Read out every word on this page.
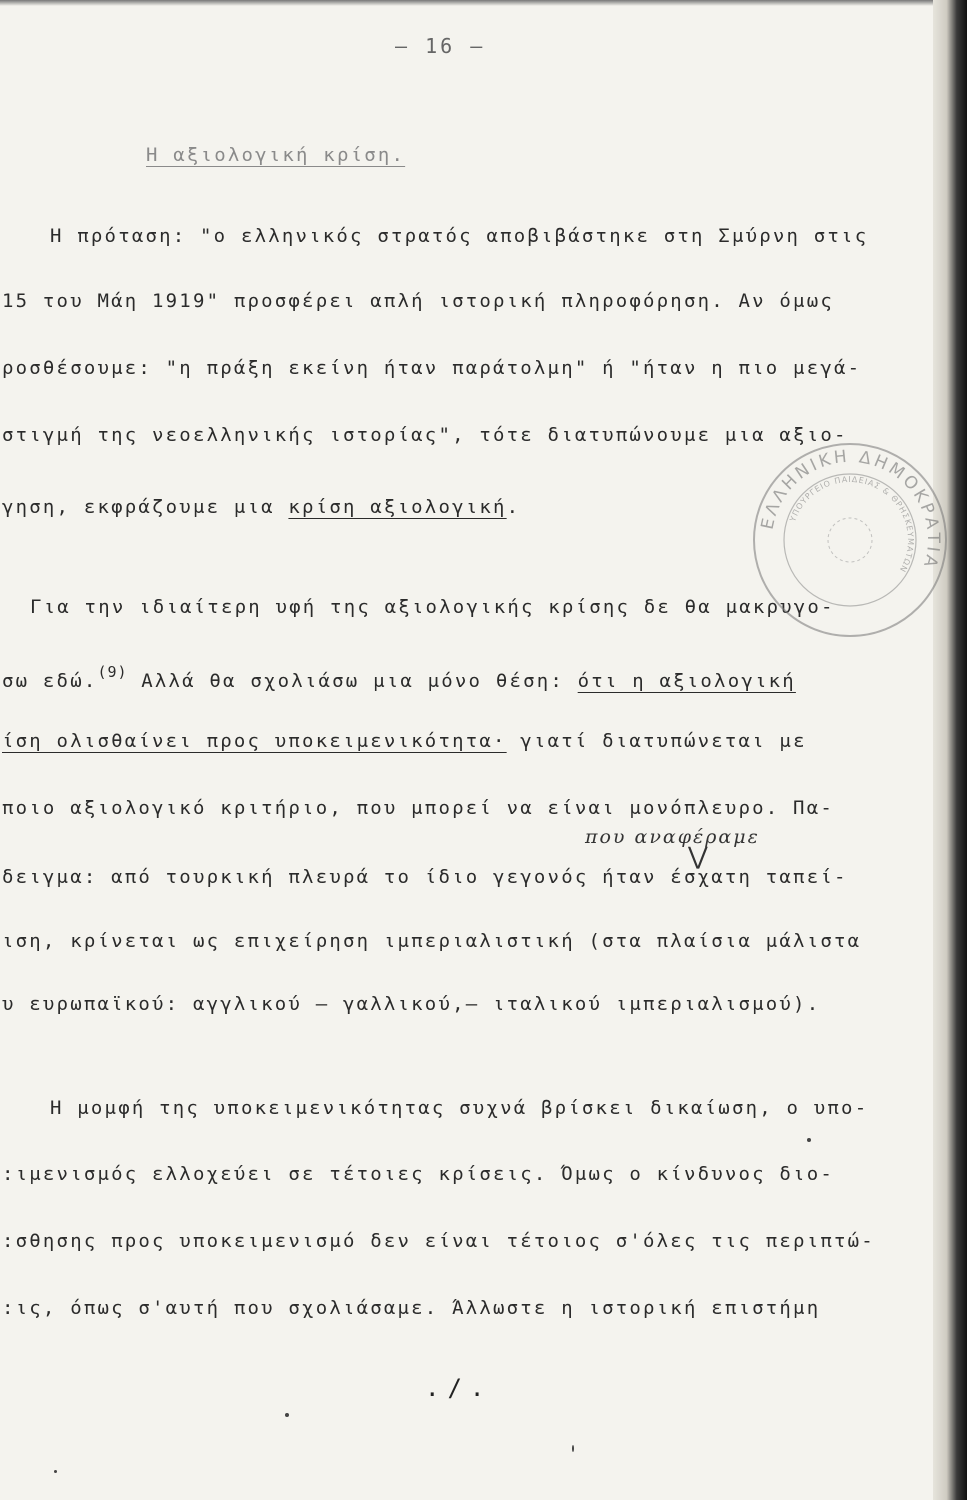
– 16 –
Η αξιολογική κρίση.
Η πρόταση: "ο ελληνικός στρατός αποβιβάστηκε στη Σμύρνη στις
15 του Μάη 1919" προσφέρει απλή ιστορική πληροφόρηση. Αν όμως
ροσθέσουμε: "η πράξη εκείνη ήταν παράτολμη" ή "ήταν η πιο μεγά-
στιγμή της νεοελληνικής ιστορίας", τότε διατυπώνουμε μια αξιο-
γηση, εκφράζουμε μια κρίση αξιολογική.
Για την ιδιαίτερη υφή της αξιολογικής κρίσης δε θα μακρυγο-
σω εδώ.$^{(9)}$ Αλλά θα σχολιάσω μια μόνο θέση: ότι η αξιολογική
ίση ολισθαίνει προς υποκειμενικότητα· γιατί διατυπώνεται με
ποιο αξιολογικό κριτήριο, που μπορεί να είναι μονόπλευρο. Πα-
που αναφέραμε
⋁
δειγμα: από τουρκική πλευρά το ίδιο γεγονός ήταν έσχατη ταπεί-
ιση, κρίνεται ως επιχείρηση ιμπεριαλιστική (στα πλαίσια μάλιστα
υ ευρωπαϊκού: αγγλικού — γαλλικού,— ιταλικού ιμπεριαλισμού).
Η μομφή της υποκειμενικότητας συχνά βρίσκει δικαίωση, ο υπο-
:ιμενισμός ελλοχεύει σε τέτοιες κρίσεις. Όμως ο κίνδυνος διο-
:σθησης προς υποκειμενισμό δεν είναι τέτοιος σ'όλες τις περιπτώ-
:ις, όπως σ'αυτή που σχολιάσαμε. Άλλωστε η ιστορική επιστήμη
./.
ΕΛΛΗΝΙΚΗ ΔΗΜΟΚΡΑΤΙΑ
ΥΠΟΥΡΓΕΙΟ ΠΑΙΔΕΙΑΣ & ΘΡΗΣΚΕΥΜΑΤΩΝ
